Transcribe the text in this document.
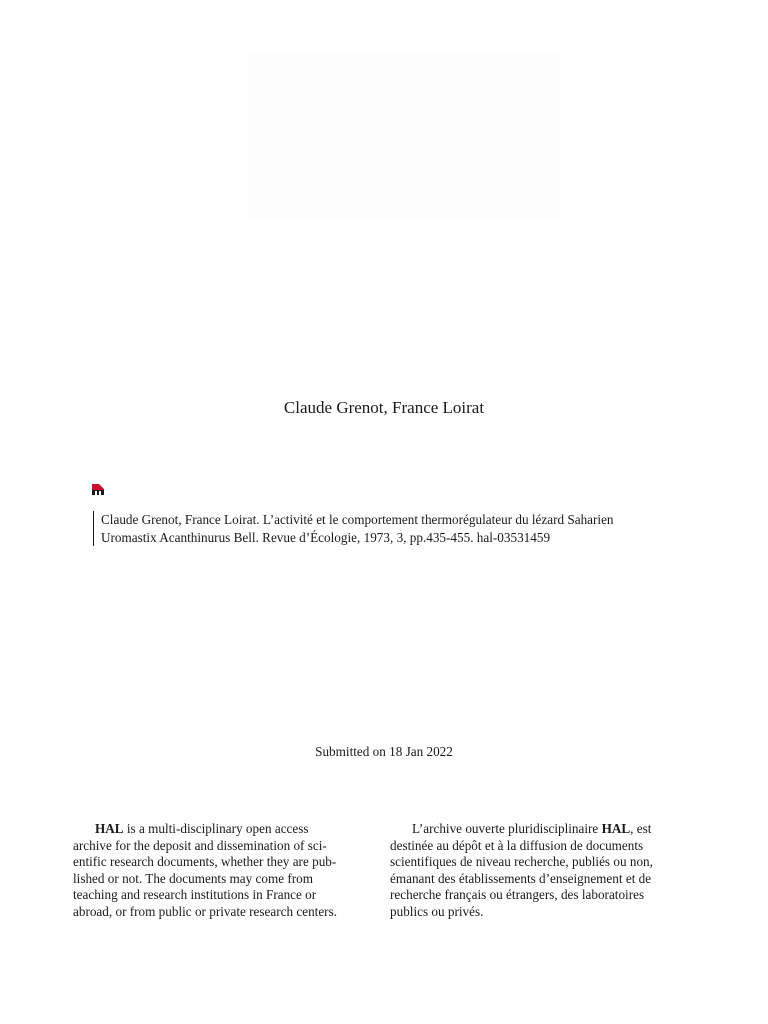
Claude Grenot, France Loirat
Claude Grenot, France Loirat. L’activité et le comportement thermorégulateur du lézard Saharien
Uromastix Acanthinurus Bell. Revue d’Écologie, 1973, 3, pp.435-455. hal-03531459
Submitted on 18 Jan 2022
HAL is a multi-disciplinary open access
archive for the deposit and dissemination of sci-
entific research documents, whether they are pub-
lished or not. The documents may come from
teaching and research institutions in France or
abroad, or from public or private research centers.
L’archive ouverte pluridisciplinaire HAL, est
destinée au dépôt et à la diffusion de documents
scientifiques de niveau recherche, publiés ou non,
émanant des établissements d’enseignement et de
recherche français ou étrangers, des laboratoires
publics ou privés.
